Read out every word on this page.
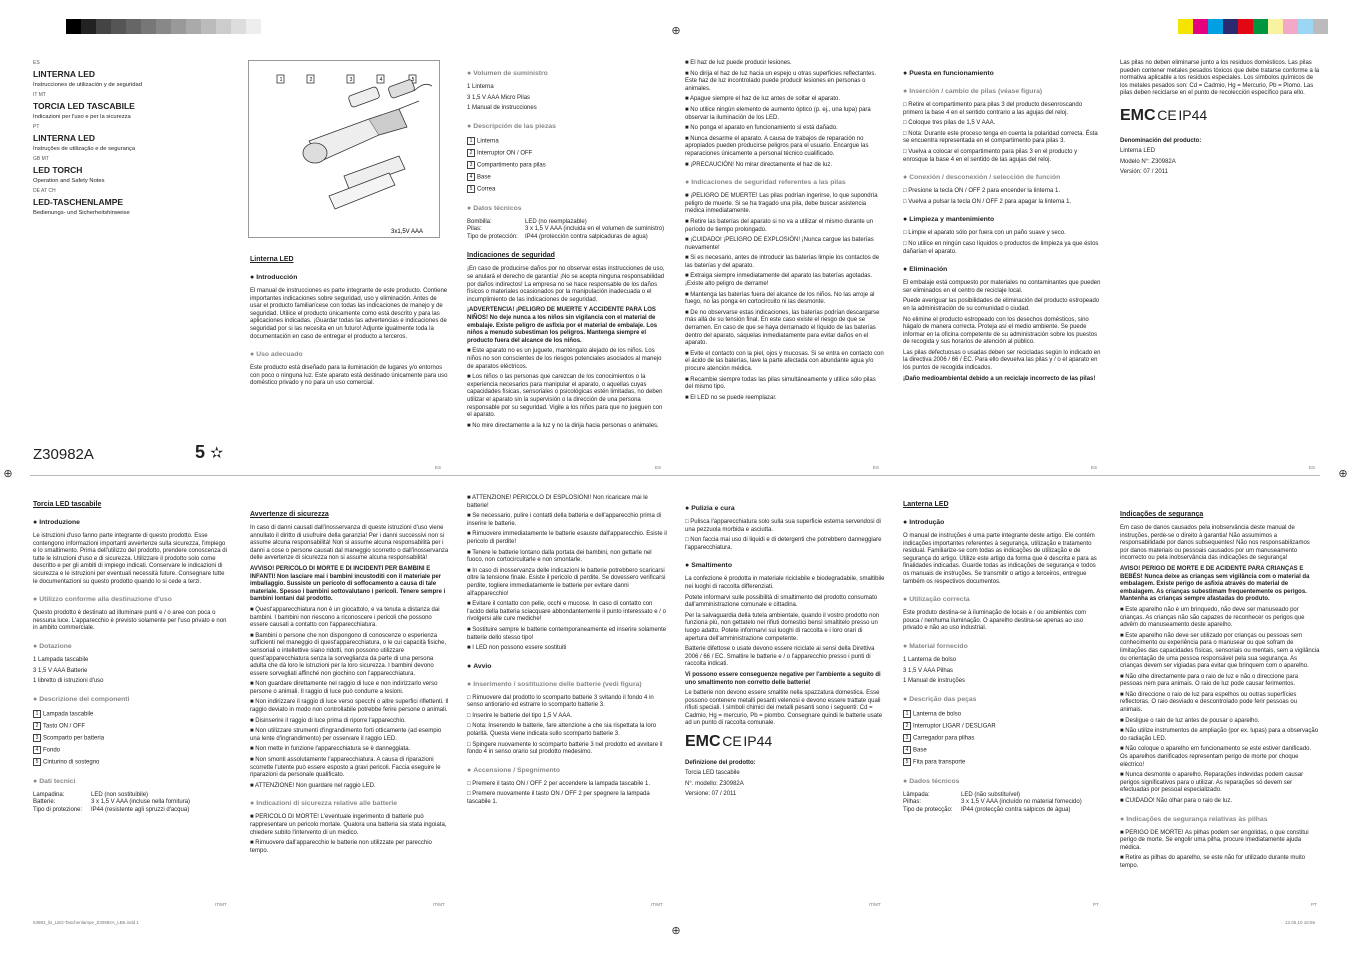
⊕
⊕
⊕
⊕

ES

LINTERNA LED

Instrucciones de utilización y de seguridad

IT MT

TORCIA LED TASCABILE

Indicazioni per l'uso e per la sicurezza

PT

LINTERNA LED

Instruções de utilização e de segurança

GB MT

LED TORCH

Operation and Safety Notes

DE AT CH

LED-TASCHENLAMPE

Bedienungs- und Sicherheitshinweise

Z30982A	5 ✫
1	2	3	4	5
3x1,5V AAA
Linterna LED
● Introducción

El manual de instrucciones es parte integrante de este producto. Contiene importantes indicaciones sobre seguridad, uso y eliminación. Antes de usar el producto familiarícese con todas las indicaciones de manejo y de seguridad. Utilice el producto únicamente como está descrito y para las aplicaciones indicadas. ¡Guardar todas las advertencias e indicaciones de seguridad por si las necesita en un futuro! Adjunte igualmente toda la documentación en caso de entregar el producto a terceros.

● Uso adecuado

Este producto está diseñado para la iluminación de lugares y/o entornos con poco o ninguna luz. Este aparato está destinado únicamente para uso doméstico privado y no para un uso comercial.

● Volumen de suministro

1 Linterna

3 1,5 V AAA Micro Pilas

1 Manual de instrucciones

● Descripción de las piezas

1 Linterna

2 Interruptor ON / OFF

3 Compartimento para pilas

4 Base

5 Correa

● Datos técnicos
Bombilla:	LED (no reemplazable)
Pilas:	3 x 1,5 V AAA (incluida en el volumen de suministro)
Tipo de protección:	IP44 (protección contra salpicaduras de agua)
Indicaciones de seguridad

¡En caso de producirse daños por no observar estas instrucciones de uso, se anulará el derecho de garantía! ¡No se acepta ninguna responsabilidad por daños indirectos! La empresa no se hace responsable de los daños físicos o materiales ocasionados por la manipulación inadecuada o el incumplimiento de las indicaciones de seguridad.

¡ADVERTENCIA! ¡PELIGRO DE MUERTE Y ACCIDENTE PARA LOS NIÑOS! No deje nunca a los niños sin vigilancia con el material de embalaje. Existe peligro de asfixia por el material de embalaje. Los niños a menudo subestiman los peligros. Mantenga siempre el producto fuera del alcance de los niños.

■ Este aparato no es un juguete, manténgalo alejado de los niños. Los niños no son conscientes de los riesgos potenciales asociados al manejo de aparatos eléctricos.

■ Los niños o las personas que carezcan de los conocimientos o la experiencia necesarios para manipular el aparato, o aquellas cuyas capacidades físicas, sensoriales o psicológicas estén limitadas, no deben utilizar el aparato sin la supervisión o la dirección de una persona responsable por su seguridad. Vigile a los niños para que no jueguen con el aparato.

■ No mire directamente a la luz y no la dirija hacia personas o animales.

■ El haz de luz puede producir lesiones.

■ No dirija el haz de luz hacia un espejo u otras superficies reflectantes. Este haz de luz incontrolado puede producir lesiones en personas o animales.

■ Apague siempre el haz de luz antes de soltar el aparato.

■ No utilice ningún elemento de aumento óptico (p. ej., una lupa) para observar la iluminación de los LED.

■ No ponga el aparato en funcionamiento si está dañado.

■ Nunca desarme el aparato. A causa de trabajos de reparación no apropiados pueden producirse peligros para el usuario. Encargue las reparaciones únicamente a personal técnico cualificado.

■ ¡PRECAUCIÓN! No mirar directamente el haz de luz.

● Indicaciones de seguridad referentes a las pilas

■ ¡PELIGRO DE MUERTE! Las pilas podrían ingerirse, lo que supondría peligro de muerte. Si se ha tragado una pila, debe buscar asistencia médica inmediatamente.

■ Retire las baterías del aparato si no va a utilizar el mismo durante un período de tiempo prolongado.

■ ¡CUIDADO! ¡PELIGRO DE EXPLOSIÓN! ¡Nunca cargue las baterías nuevamente!

■ Si es necesario, antes de introducir las baterías limpie los contactos de las baterías y del aparato.

■ Extraiga siempre inmediatamente del aparato las baterías agotadas. ¡Existe alto peligro de derrame!

■ Mantenga las baterías fuera del alcance de los niños. No las arroje al fuego, no las ponga en cortocircuito ni las desmonte.

■ De no observarse estas indicaciones, las baterías podrían descargarse más allá de su tensión final. En este caso existe el riesgo de que se derramen. En caso de que se haya derramado el líquido de las baterías dentro del aparato, sáquelas inmediatamente para evitar daños en el aparato.

■ Evite el contacto con la piel, ojos y mucosas. Si se entra en contacto con el ácido de las baterías, lave la parte afectada con abundante agua y/o procure atención médica.

■ Recambie siempre todas las pilas simultáneamente y utilice sólo pilas del mismo tipo.

■ El LED no se puede reemplazar.

● Puesta en funcionamiento
● Inserción / cambio de pilas (véase figura)

□ Retire el compartimento para pilas 3 del producto desenroscando primero la base 4 en el sentido contrario a las agujas del reloj.

□ Coloque tres pilas de 1,5 V AAA.

□ Nota: Durante este proceso tenga en cuenta la polaridad correcta. Ésta se encuentra representada en el compartimento para pilas 3.

□ Vuelva a colocar el compartimento para pilas 3 en el producto y enrosque la base 4 en el sentido de las agujas del reloj.

● Conexión / desconexión / selección de función

□ Presione la tecla ON / OFF 2 para encender la linterna 1.

□ Vuelva a pulsar la tecla ON / OFF 2 para apagar la linterna 1.

● Limpieza y mantenimiento

□ Limpie el aparato sólo por fuera con un paño suave y seco.

□ No utilice en ningún caso líquidos o productos de limpieza ya que éstos dañarían el aparato.

● Eliminación

El embalaje está compuesto por materiales no contaminantes que pueden ser eliminados en el centro de reciclaje local.

Puede averiguar las posibilidades de eliminación del producto estropeado en la administración de su comunidad o ciudad.

No elimine el producto estropeado con los desechos domésticos, sino hágalo de manera correcta. Proteja así el medio ambiente. Se puede informar en la oficina competente de su administración sobre los puestos de recogida y sus horarios de atención al público.

Las pilas defectuosas o usadas deben ser recicladas según lo indicado en la directiva 2006 / 66 / EC. Para ello devuelva las pilas y / o el aparato en los puntos de recogida indicados.

¡Daño medioambiental debido a un reciclaje incorrecto de las pilas!

Las pilas no deben eliminarse junto a los residuos domésticos. Las pilas pueden contener metales pesados tóxicos que debe tratarse conforme a la normativa aplicable a los residuos especiales. Los símbolos químicos de los metales pesados son: Cd = Cadmio, Hg = Mercurio, Pb = Plomo. Las pilas deben reciclarse en el punto de recolección específico para ello.

EMC CE IP44

Denominación del producto:

Linterna LED

Modelo N°: Z30982A

Versión: 07 / 2011

Torcia LED tascabile
● Introduzione

Le istruzioni d'uso fanno parte integrante di questo prodotto. Esse contengono informazioni importanti avvertenze sulla sicurezza, l'impiego e lo smaltimento. Prima dell'utilizzo del prodotto, prendere conoscenza di tutte le istruzioni d'uso e di sicurezza. Utilizzare il prodotto solo come descritto e per gli ambiti di impiego indicati. Conservare le indicazioni di sicurezza e le istruzioni per eventuali necessità future. Consegnare tutte le documentazioni su questo prodotto quando lo si cede a terzi.

● Utilizzo conforme alla destinazione d'uso

Questo prodotto è destinato ad illuminare punti e / o aree con poca o nessuna luce. L'apparecchio è previsto solamente per l'uso privato e non in ambito commerciale.

● Dotazione

1 Lampada tascabile

3 1,5 V AAA Batterie

1 libretto di istruzioni d'uso

● Descrizione dei componenti

1 Lampada tascabile

2 Tasto ON / OFF

3 Scomparto per batteria

4 Fondo

5 Cinturino di sostegno

● Dati tecnici
Lampadina:	LED (non sostituibile)
Batterie:	3 x 1,5 V AAA (incluse nella fornitura)
Tipo di protezione:	IP44 (resistente agli spruzzi d'acqua)
Avvertenze di sicurezza

In caso di danni causati dall'inosservanza di queste istruzioni d'uso viene annullato il diritto di usufruire della garanzia! Per i danni successivi non si assume alcuna responsabilità! Non si assume alcuna responsabilità per i danni a cose o persone causati dal maneggio scorretto o dall'inosservanza delle avvertenze di sicurezza non si assume alcuna responsabilità!

AVVISO! PERICOLO DI MORTE E DI INCIDENTI PER BAMBINI E INFANTI! Non lasciare mai i bambini incustoditi con il materiale per imballaggio. Sussiste un pericolo di soffocamento a causa di tale materiale. Spesso i bambini sottovalutano i pericoli. Tenere sempre i bambini lontani dal prodotto.

■ Quest'apparecchiatura non è un giocattolo, e va tenuta a distanza dai bambini. I bambini non riescono a riconoscere i pericoli che possono essere causati a contatto con l'apparecchiatura.

■ Bambini o persone che non dispongono di conoscenze o esperienza sufficienti nel maneggio di quest'apparecchiatura, o le cui capacità fisiche, sensoriali o intellettive siano ridotti, non possono utilizzare quest'apparecchiatura senza la sorveglianza da parte di una persona adulta che dà loro le istruzioni per la loro sicurezza. I bambini devono essere sorvegliati affinché non giochino con l'apparecchiatura.

■ Non guardare direttamente nel raggio di luce e non indirizzarlo verso persone o animali. Il raggio di luce può condurre a lesioni.

■ Non indirizzare il raggio di luce verso specchi o altre superfici riflettenti. Il raggio deviato in modo non controllabile potrebbe ferire persone o animali.

■ Disinserire il raggio di luce prima di riporre l'apparecchio.

■ Non utilizzare strumenti d'ingrandimento forti otticamente (ad esempio una lente d'ingrandimento) per osservare il raggio LED.

■ Non mette in funzione l'apparecchiatura se è danneggiata.

■ Non smonti assolutamente l'apparecchiatura. A causa di riparazioni scorrette l'utente può essere esposto a gravi pericoli. Faccia eseguire le riparazioni da personale qualificato.

■ ATTENZIONE! Non guardare nel raggio LED.

● Indicazioni di sicurezza relative alle batterie

■ PERICOLO DI MORTE! L'eventuale ingerimento di batterie può rappresentare un pericolo mortale. Qualora una batteria sia stata ingoiata, chiedere subito l'intervento di un medico.

■ Rimuovere dall'apparecchio le batterie non utilizzate per parecchio tempo.

■ ATTENZIONE! PERICOLO DI ESPLOSIONI! Non ricaricare mai le batterie!

■ Se necessario, pulire i contatti della batteria e dell'apparecchio prima di inserire le batterie.

■ Rimuovere immediatamente le batterie esauste dall'apparecchio. Esiste il pericolo di perdite!

■ Tenere le batterie lontano dalla portata dei bambini, non gettarle nel fuoco, non cortocircuitarle e non smontarle.

■ In caso di inosservanza delle indicazioni le batterie potrebbero scaricarsi oltre la tensione finale. Esiste il pericolo di perdite. Se dovessero verificarsi perdite, togliere immediatamente le batterie per evitare danni all'apparecchio!

■ Evitare il contatto con pelle, occhi e mucose. In caso di contatto con l'acido della batteria sciacquare abbondantemente il punto interessato e / o rivolgersi alle cure mediche!

■ Sostituire sempre le batterie contemporaneamente ed inserire solamente batterie dello stesso tipo!

■ I LED non possono essere sostituiti

● Avvio
● Inserimento / sostituzione delle batterie (vedi figura)

□ Rimuovere dal prodotto lo scomparto batterie 3 svitando il fondo 4 in senso antiorario ed estrarre lo scomparto batterie 3.

□ Inserire le batterie del tipo 1,5 V AAA.

□ Nota: Inserendo le batterie, fare attenzione a che sia rispettata la loro polarità. Questa viene indicata sullo scomparto batterie 3.

□ Spingere nuovamente lo scomparto batterie 3 nel prodotto ed avvitare il fondo 4 in senso orario sul prodotto medesimo.

● Accensione / Spegnimento

□ Premere il tasto ON / OFF 2 per accendere la lampada tascabile 1.

□ Premere nuovamente il tasto ON / OFF 2 per spegnere la lampada tascabile 1.

● Pulizia e cura

□ Pulisca l'apparecchiatura solo sulla sua superficie esterna servendosi di una pezzuola morbida e asciutta.

□ Non faccia mai uso di liquidi e di detergenti che potrebbero danneggiare l'apparecchiatura.

● Smaltimento

La confezione è prodotta in materiale riciclabile e biodegradabile, smaltibile nei luoghi di raccolta differenziati.

Potete informarvi sulle possibilità di smaltimento del prodotto consumato dall'amministrazione comunale e cittadina.

Per la salvaguardia della tutela ambientale, quando il vostro prodotto non funziona più, non gettatelo nei rifiuti domestici bensì smaltitelo presso un luogo adatto. Potete informarvi sui luoghi di raccolta e i loro orari di apertura dell'amministrazione competente.

Batterie difettose o usate devono essere riciclate ai sensi della Direttiva 2006 / 66 / EC. Smaltire le batterie e / o l'apparecchio presso i punti di raccolta indicati.

Vi possono essere conseguenze negative per l'ambiente a seguito di uno smaltimento non corretto delle batterie!

Le batterie non devono essere smaltite nella spazzatura domestica. Esse possono contenere metalli pesanti velenosi e devono essere trattate quali rifiuti speciali. I simboli chimici dei metalli pesanti sono i seguenti: Cd = Cadmio, Hg = mercurio, Pb = piombo. Consegnare quindi le batterie usate ad un punto di raccolta comunale.

EMC CE IP44

Definizione del prodotto:

Torcia LED tascabile

N°. modello: Z30982A

Versione: 07 / 2011

Lanterna LED
● Introdução

O manual de instruções é uma parte integrante deste artigo. Ele contém indicações importantes referentes à segurança, utilização e tratamento residual. Familiarize-se com todas as indicações de utilização e de segurança do artigo. Utilize este artigo da forma que é descrita e para as finalidades indicadas. Guarde todas as indicações de segurança e todos os manuais de instruções. Se transmitir o artigo a terceiros, entregue também os respectivos documentos.

● Utilização correcta

Este produto destina-se à iluminação de locais e / ou ambientes com pouca / nenhuma iluminação. O aparelho destina-se apenas ao uso privado e não ao uso industrial.

● Material fornecido

1 Lanterna de bolso

3 1,5 V AAA Pilhas

1 Manual de instruções

● Descrição das peças

1 Lanterna de bolso

2 Interruptor LIGAR / DESLIGAR

3 Carregador para pilhas

4 Base

5 Fita para transporte

● Dados técnicos
Lâmpada:	LED (não substituível)
Pilhas:	3 x 1,5 V AAA (incluído no material fornecido)
Tipo de protecção:	IP44 (protecção contra salpicos de água)
Indicações de segurança

Em caso de danos causados pela inobservância deste manual de instruções, perde-se o direito à garantia! Não assumimos a responsabilidade por danos subsequentes! Não nos responsabilizamos por danos materiais ou pessoais causados por um manuseamento incorrecto ou pela inobservância das indicações de segurança!

AVISO! PERIGO DE MORTE E DE ACIDENTE PARA CRIANÇAS E BEBÉS! Nunca deixe as crianças sem vigilância com o material da embalagem. Existe perigo de asfixia através do material de embalagem. As crianças subestimam frequentemente os perigos. Mantenha as crianças sempre afastadas do produto.

■ Este aparelho não é um brinquedo, não deve ser manuseado por crianças. As crianças não são capazes de reconhecer os perigos que advêm do manuseamento deste aparelho.

■ Este aparelho não deve ser utilizado por crianças ou pessoas sem conhecimento ou experiência para o manusear ou que sofram de limitações das capacidades físicas, sensoriais ou mentais, sem a vigilância ou orientação de uma pessoa responsável pela sua segurança. As crianças devem ser vigiadas para evitar que brinquem com o aparelho.

■ Não olhe directamente para o raio de luz e não o direccione para pessoas nem para animais. O raio de luz pode causar ferimentos.

■ Não direccione o raio de luz para espelhos ou outras superfícies reflectoras. O raio desviado e descontrolado pode ferir pessoas ou animais.

■ Desligue o raio de luz antes de pousar o aparelho.

■ Não utilize instrumentos de ampliação (por ex. lupas) para a observação do radiação LED.

■ Não coloque o aparelho em funcionamento se este estiver danificado. Os aparelhos danificados representam perigo de morte por choque eléctrico!

■ Nunca desmonte o aparelho. Reparações indevidas podem causar perigos significativos para o utilizar. As reparações só devem ser efectuadas por pessoal especializado.

■ CUIDADO! Não olhar para o raio de luz.

● Indicações de segurança relativas às pilhas

■ PERIGO DE MORTE! As pilhas podem ser engolidas, o que constitui perigo de morte. Se engolir uma pilha, procure imediatamente ajuda médica.

■ Retire as pilhas do aparelho, se este não for utilizado durante muito tempo.

ES	ES	ES	ES	ES
IT/MT	IT/MT	IT/MT	IT/MT	PT	PT
53983_lis_LED-Taschenlampe_Z30982A_LB5.indd 1	12.05.10 16:56
